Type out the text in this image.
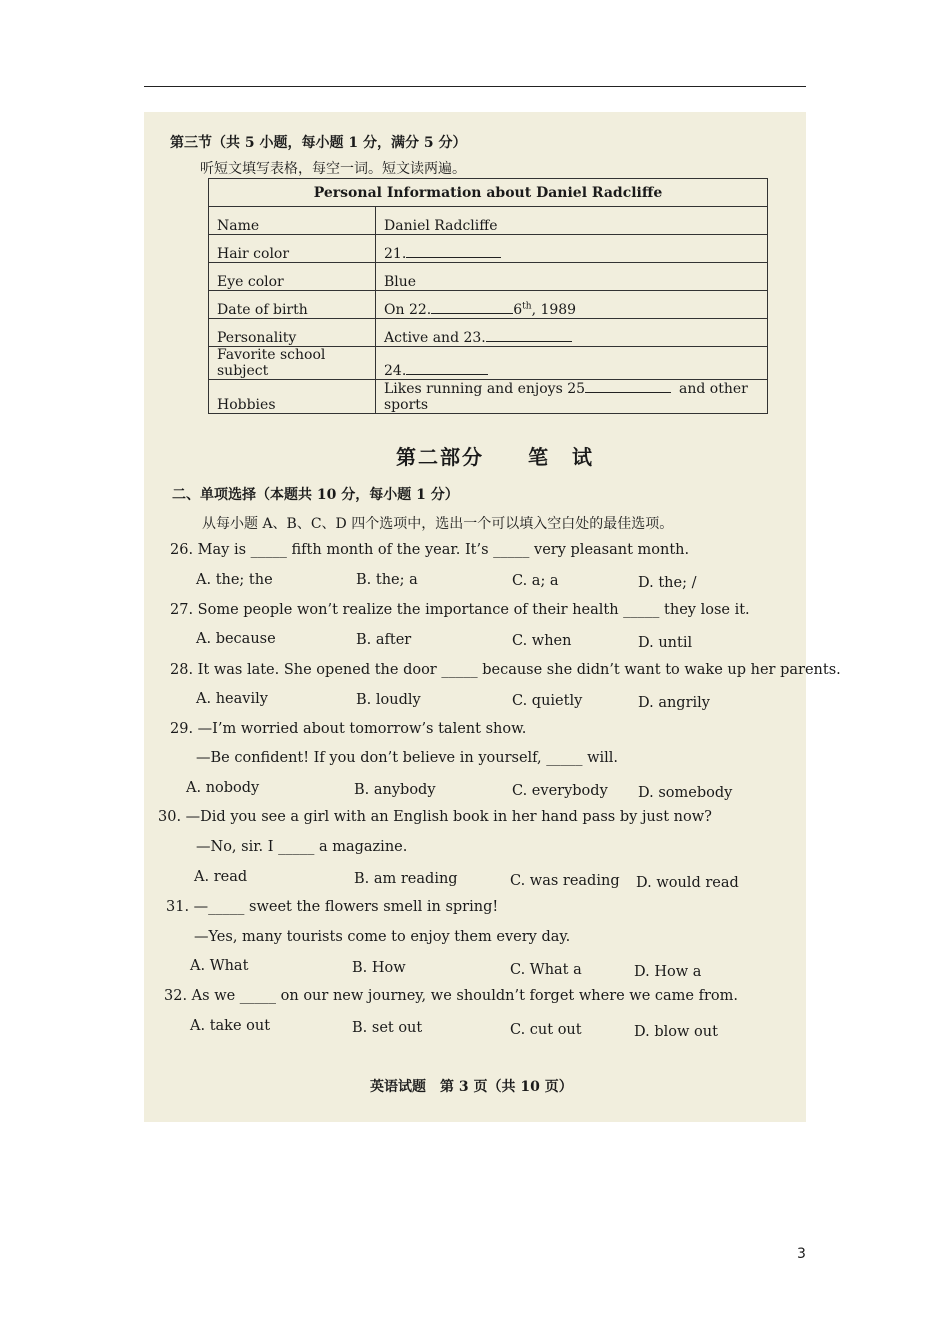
第三节（共 5 小题，每小题 1 分，满分 5 分）
听短文填写表格，每空一词。短文读两遍。
Personal Information about Daniel Radcliffe	
Name	Daniel Radcliffe
Hair color	21.
Eye color	Blue
Date of birth	On 22. 6th, 1989
Personality	Active and 23.
Favorite school subject	24.
Hobbies	Likes running and enjoys 25 and other sports
第二部分　　笔　试
二、单项选择（本题共 10 分，每小题 1 分）
从每小题 A、B、C、D 四个选项中，选出一个可以填入空白处的最佳选项。
26. May is _____ fifth month of the year. It’s _____ very pleasant month.
A. the; the	B. the; a	C. a; a	D. the; /
27. Some people won’t realize the importance of their health _____ they lose it.
A. because	B. after	C. when	D. until
28. It was late. She opened the door _____ because she didn’t want to wake up her parents.
A. heavily	B. loudly	C. quietly	D. angrily
29. —I’m worried about tomorrow’s talent show.
—Be confident! If you don’t believe in yourself, _____ will.
A. nobody	B. anybody	C. everybody D. somebody
30. —Did you see a girl with an English book in her hand pass by just now?
—No, sir. I _____ a magazine.
A. read	B. am reading	C. was reading D. would read
31. —_____ sweet the flowers smell in spring!
—Yes, many tourists come to enjoy them every day.
A. What	B. How	C. What a	D. How a
32. As we _____ on our new journey, we shouldn’t forget where we came from.
A. take out	B. set out	C. cut out	D. blow out
英语试题　第 3 页（共 10 页）
3
